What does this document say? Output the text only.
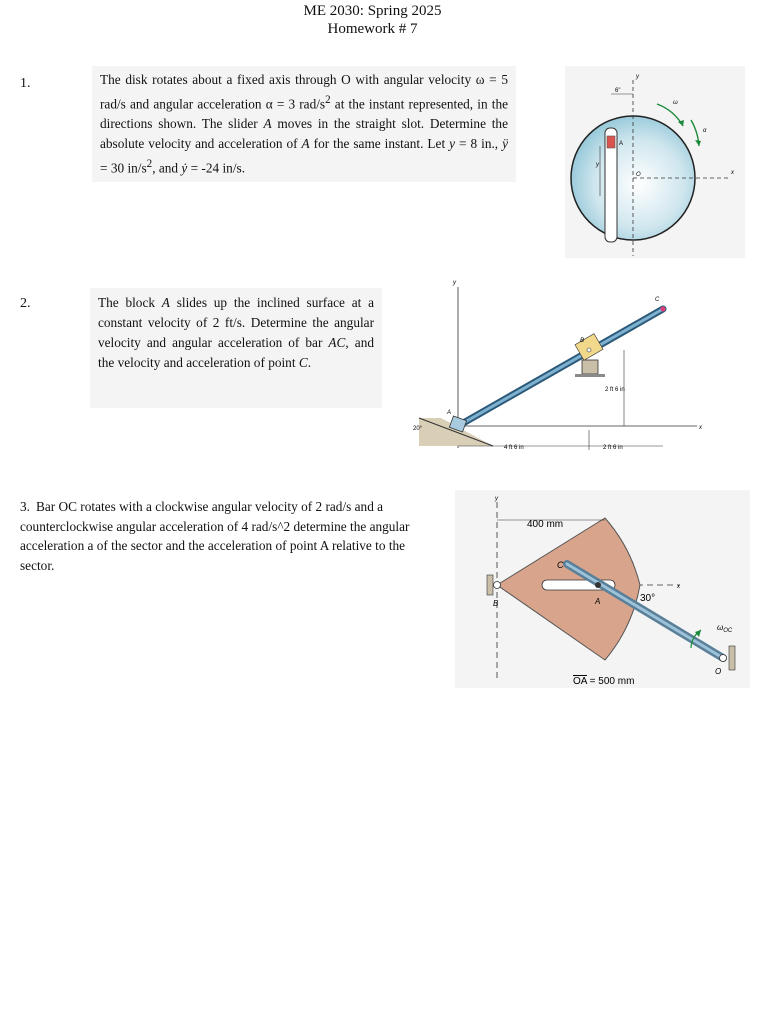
ME 2030: Spring 2025
Homework # 7
1.	The disk rotates about a fixed axis through O with angular velocity ω = 5 rad/s and angular acceleration α = 3 rad/$s^2$ at the instant represented, in the directions shown. The slider A moves in the straight slot. Determine the absolute velocity and acceleration of A for the same instant. Let y = 8 in., ÿ = 30 $in/s^2$, and ẏ = -24 in/s.
A
y
6"
y
x
O
ω
α
2.	The block A slides up the inclined surface at a constant velocity of 2 ft/s. Determine the angular velocity and angular acceleration of bar AC, and the velocity and acceleration of point C.
y
x
20°
A
B
C
2 ft 6 in
4 ft 6 in	2 ft 6 in
3. Bar OC rotates with a clockwise angular velocity of 2 rad/s and a counterclockwise angular acceleration of 4 rad/s^2 determine the angular acceleration a of the sector and the acceleration of point A relative to the sector.
y
x
400 mm
B
C
A	30°
O
$\omega_{OC}$
OA = 500 mm
